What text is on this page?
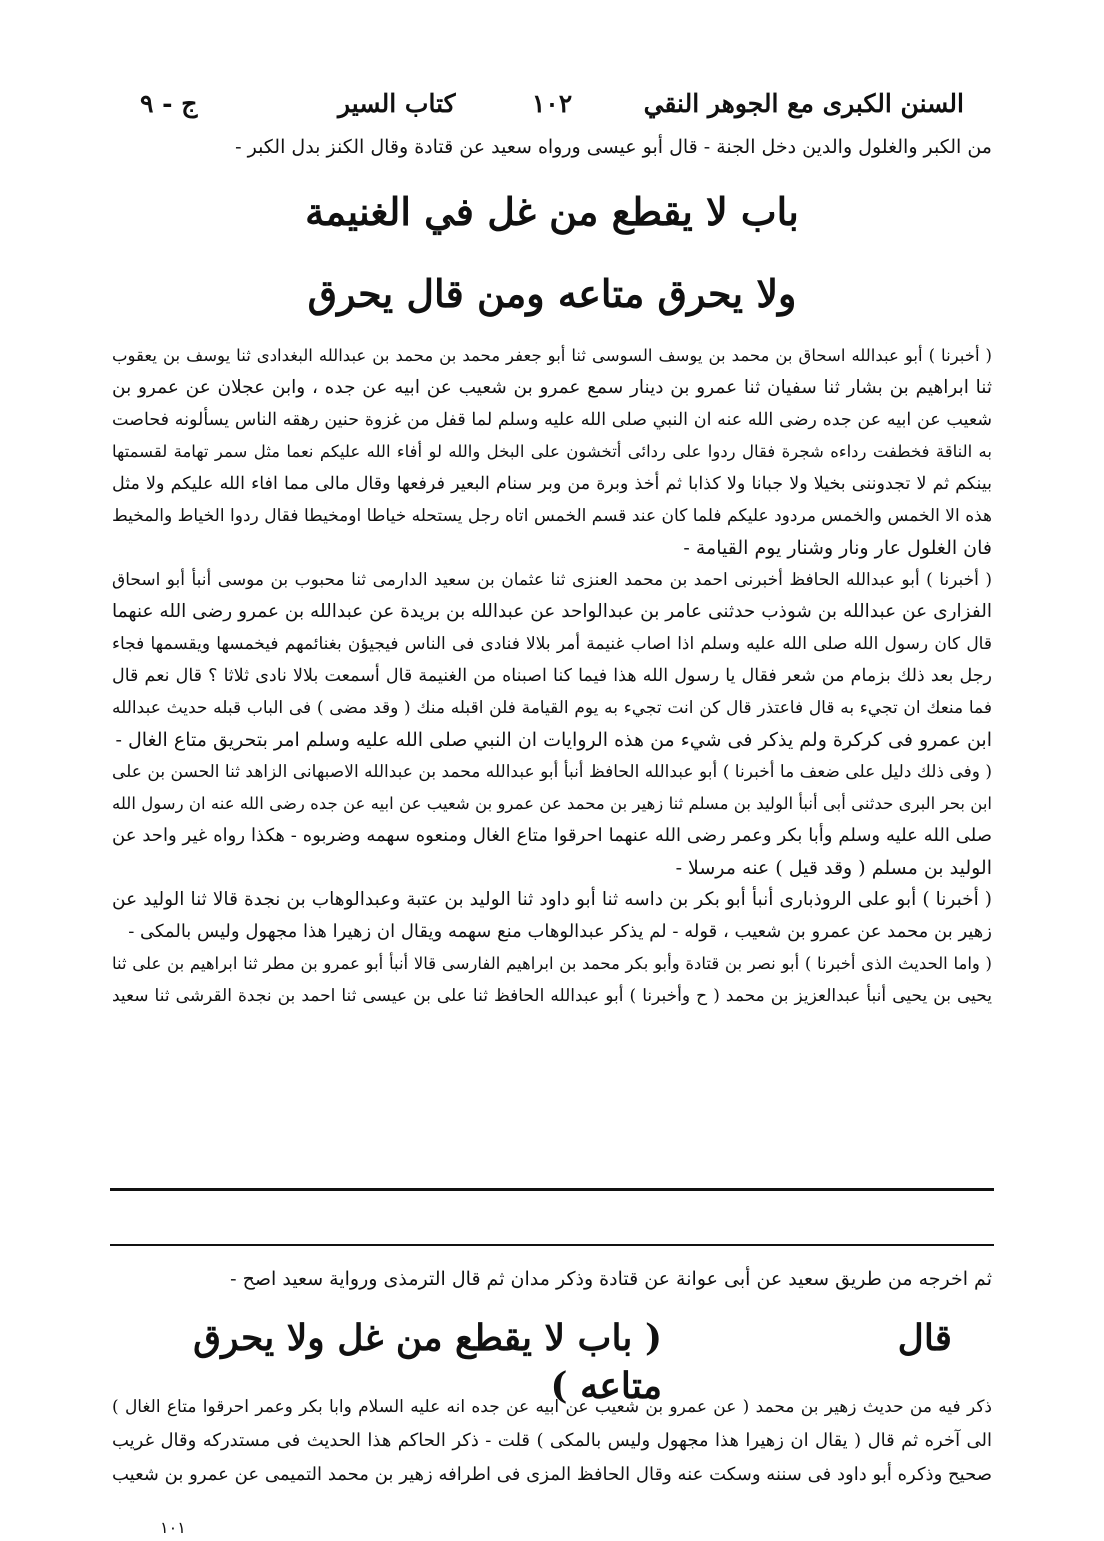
السنن الكبرى مع الجوهر النقي
١٠٢
كتاب السير
ج - ٩
من الكبر والغلول والدين دخل الجنة - قال أبو عيسى ورواه سعيد عن قتادة وقال الكنز بدل الكبر -
باب لا يقطع من غل في الغنيمة
ولا يحرق متاعه ومن قال يحرق
( أخبرنا ) أبو عبدالله اسحاق بن محمد بن يوسف السوسى ثنا أبو جعفر محمد بن محمد بن عبدالله البغدادى ثنا يوسف بن يعقوب
ثنا ابراهيم بن بشار ثنا سفيان ثنا عمرو بن دينار سمع عمرو بن شعيب عن ابيه عن جده ، وابن عجلان عن عمرو بن
شعيب عن ابيه عن جده رضى الله عنه ان النبي صلى الله عليه وسلم لما قفل من غزوة حنين رهقه الناس يسألونه فحاصت
به الناقة فخطفت رداءه شجرة فقال ردوا على ردائى أتخشون على البخل والله لو أفاء الله عليكم نعما مثل سمر تهامة لقسمتها
بينكم ثم لا تجدوننى بخيلا ولا جبانا ولا كذابا ثم أخذ وبرة من وبر سنام البعير فرفعها وقال مالى مما افاء الله عليكم ولا مثل
هذه الا الخمس والخمس مردود عليكم فلما كان عند قسم الخمس اتاه رجل يستحله خياطا اومخيطا فقال ردوا الخياط والمخيط
فان الغلول عار ونار وشنار يوم القيامة -
( أخبرنا ) أبو عبدالله الحافظ أخبرنى احمد بن محمد العنزى ثنا عثمان بن سعيد الدارمى ثنا محبوب بن موسى أنبأ أبو اسحاق
الفزارى عن عبدالله بن شوذب حدثنى عامر بن عبدالواحد عن عبدالله بن بريدة عن عبدالله بن عمرو رضى الله عنهما
قال كان رسول الله صلى الله عليه وسلم اذا اصاب غنيمة أمر بلالا فنادى فى الناس فيجيؤن بغنائمهم فيخمسها ويقسمها فجاء
رجل بعد ذلك بزمام من شعر فقال يا رسول الله هذا فيما كنا اصبناه من الغنيمة قال أسمعت بلالا نادى ثلاثا ؟ قال نعم قال
فما منعك ان تجيء به قال فاعتذر قال كن انت تجيء به يوم القيامة فلن اقبله منك ( وقد مضى ) فى الباب قبله حديث عبدالله
ابن عمرو فى كركرة ولم يذكر فى شيء من هذه الروايات ان النبي صلى الله عليه وسلم امر بتحريق متاع الغال -
( وفى ذلك دليل على ضعف ما أخبرنا ) أبو عبدالله الحافظ أنبأ أبو عبدالله محمد بن عبدالله الاصبهانى الزاهد ثنا الحسن بن على
ابن بحر البرى حدثنى أبى أنبأ الوليد بن مسلم ثنا زهير بن محمد عن عمرو بن شعيب عن ابيه عن جده رضى الله عنه ان رسول الله
صلى الله عليه وسلم وأبا بكر وعمر رضى الله عنهما احرقوا متاع الغال ومنعوه سهمه وضربوه - هكذا رواه غير واحد عن
الوليد بن مسلم ( وقد قيل ) عنه مرسلا -
( أخبرنا ) أبو على الروذبارى أنبأ أبو بكر بن داسه ثنا أبو داود ثنا الوليد بن عتبة وعبدالوهاب بن نجدة قالا ثنا الوليد عن
زهير بن محمد عن عمرو بن شعيب ، قوله - لم يذكر عبدالوهاب منع سهمه ويقال ان زهيرا هذا مجهول وليس بالمكى -
( واما الحديث الذى أخبرنا ) أبو نصر بن قتادة وأبو بكر محمد بن ابراهيم الفارسى قالا أنبأ أبو عمرو بن مطر ثنا ابراهيم بن على ثنا
يحيى بن يحيى أنبأ عبدالعزيز بن محمد ( ح وأخبرنا ) أبو عبدالله الحافظ ثنا على بن عيسى ثنا احمد بن نجدة القرشى ثنا سعيد
ثم اخرجه من طريق سعيد عن أبى عوانة عن قتادة وذكر مدان ثم قال الترمذى ورواية سعيد اصح -
قال
( باب لا يقطع من غل ولا يحرق متاعه )
ذكر فيه من حديث زهير بن محمد ( عن عمرو بن شعيب عن ابيه عن جده انه عليه السلام وابا بكر وعمر احرقوا متاع الغال )
الى آخره ثم قال ( يقال ان زهيرا هذا مجهول وليس بالمكى ) قلت - ذكر الحاكم هذا الحديث فى مستدركه وقال غريب
صحيح وذكره أبو داود فى سننه وسكت عنه وقال الحافظ المزى فى اطرافه زهير بن محمد التميمى عن عمرو بن شعيب
١٠١
